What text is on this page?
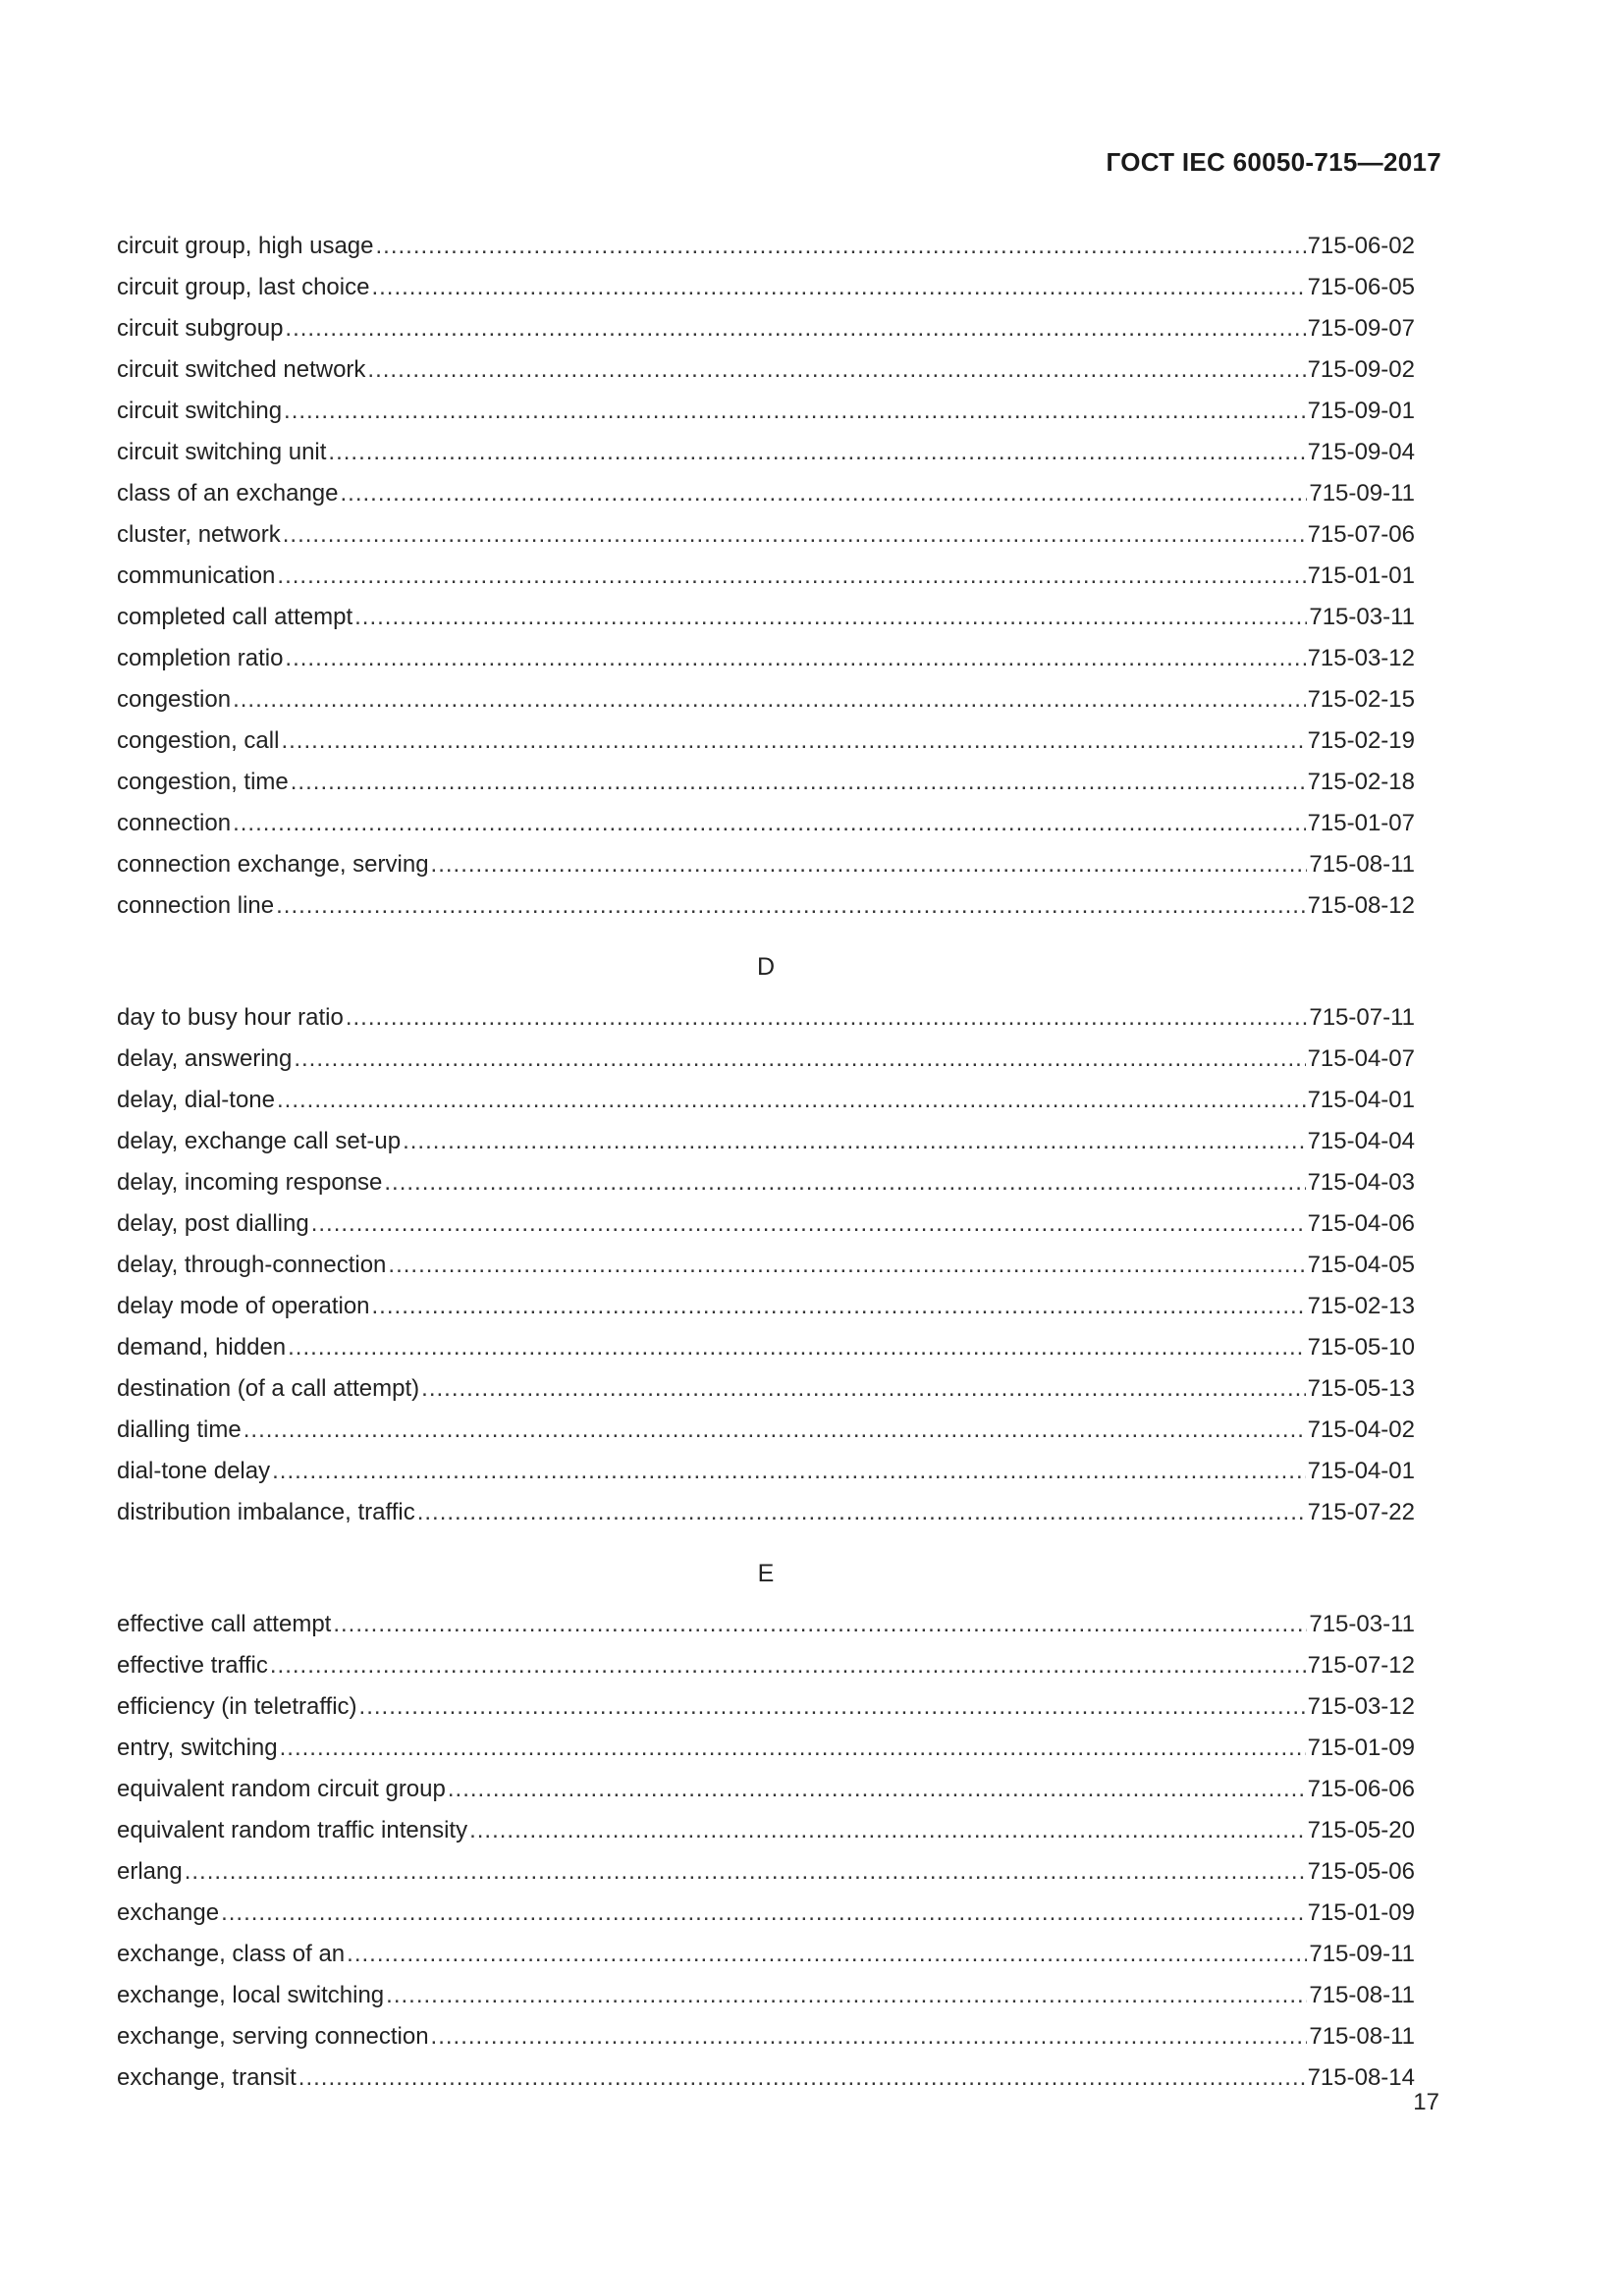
ГОСТ IEC 60050-715—2017
circuit group, high usage .....	715-06-02
circuit group, last choice .....	715-06-05
circuit subgroup .....	715-09-07
circuit switched network .....	715-09-02
circuit switching .....	715-09-01
circuit switching unit .....	715-09-04
class of an exchange .....	715-09-11
cluster, network .....	715-07-06
communication .....	715-01-01
completed call attempt .....	715-03-11
completion ratio .....	715-03-12
congestion .....	715-02-15
congestion, call .....	715-02-19
congestion, time .....	715-02-18
connection .....	715-01-07
connection exchange, serving .....	715-08-11
connection line .....	715-08-12
D
day to busy hour ratio .....	715-07-11
delay, answering .....	715-04-07
delay, dial-tone .....	715-04-01
delay, exchange call set-up .....	715-04-04
delay, incoming response .....	715-04-03
delay, post dialling .....	715-04-06
delay, through-connection .....	715-04-05
delay mode of operation .....	715-02-13
demand, hidden .....	715-05-10
destination (of a call attempt) .....	715-05-13
dialling time .....	715-04-02
dial-tone delay .....	715-04-01
distribution imbalance, traffic .....	715-07-22
E
effective call attempt .....	715-03-11
effective traffic .....	715-07-12
efficiency (in teletraffic) .....	715-03-12
entry, switching .....	715-01-09
equivalent random circuit group .....	715-06-06
equivalent random traffic intensity .....	715-05-20
erlang .....	715-05-06
exchange .....	715-01-09
exchange, class of an .....	715-09-11
exchange, local switching .....	715-08-11
exchange, serving connection .....	715-08-11
exchange, transit .....	715-08-14
17
